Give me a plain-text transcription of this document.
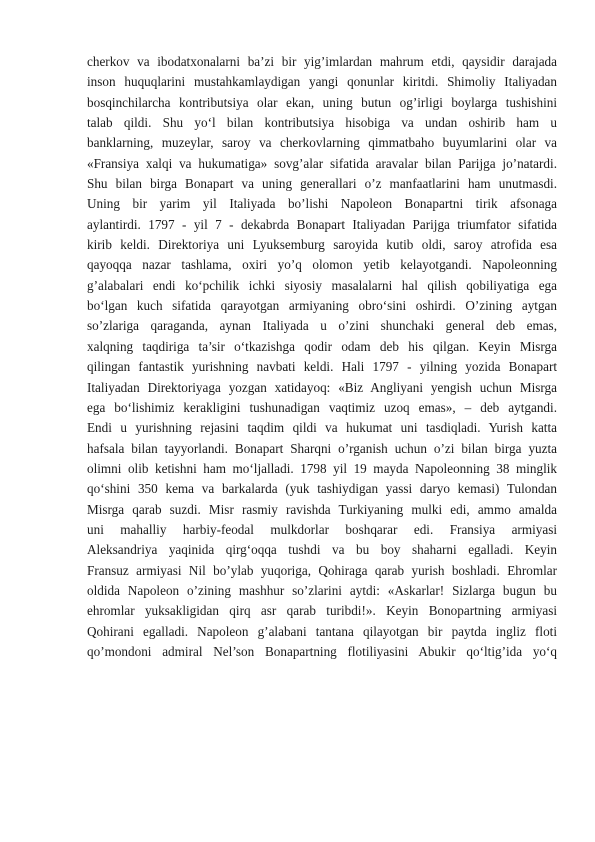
cherkov va ibodatxonalarni ba’zi bir yig’imlardan mahrum etdi, qaysidir darajada
inson huquqlarini mustahkamlaydigan yangi qonunlar kiritdi. Shimoliy Italiyadan
bosqinchilarcha kontributsiya olar ekan, uning butun og’irligi boylarga tushishini
talab qildi. Shu yo‘l bilan kontributsiya hisobiga va undan oshirib ham u
banklarning, muzeylar, saroy va cherkovlarning qimmatbaho buyumlarini olar va
«Fransiya xalqi va hukumatiga» sovg’alar sifatida aravalar bilan Parijga jo’natardi.
Shu bilan birga Bonapart va uning generallari o’z manfaatlarini ham unutmasdi.
Uning bir yarim yil Italiyada bo’lishi Napoleon Bonapartni tirik afsonaga
aylantirdi. 1797 - yil 7 - dekabrda Bonapart Italiyadan Parijga triumfator sifatida
kirib keldi. Direktoriya uni Lyuksemburg saroyida kutib oldi, saroy atrofida esa
qayoqqa nazar tashlama, oxiri yo’q olomon yetib kelayotgandi. Napoleonning
g’alabalari endi ko‘pchilik ichki siyosiy masalalarni hal qilish qobiliyatiga ega
bo‘lgan kuch sifatida qarayotgan armiyaning obro‘sini oshirdi. O’zining aytgan
so’zlariga qaraganda, aynan Italiyada u o’zini shunchaki general deb emas,
xalqning taqdiriga ta’sir o‘tkazishga qodir odam deb his qilgan. Keyin Misrga
qilingan fantastik yurishning navbati keldi. Hali 1797 - yilning yozida Bonapart
Italiyadan Direktoriyaga yozgan xatidayoq: «Biz Angliyani yengish uchun Misrga
ega bo‘lishimiz kerakligini tushunadigan vaqtimiz uzoq emas», – deb aytgandi.
Endi u yurishning rejasini taqdim qildi va hukumat uni tasdiqladi. Yurish katta
hafsala bilan tayyorlandi. Bonapart Sharqni o’rganish uchun o’zi bilan birga yuzta
olimni olib ketishni ham mo‘ljalladi. 1798 yil 19 mayda Napoleonning 38 minglik
qo‘shini 350 kema va barkalarda (yuk tashiydigan yassi daryo kemasi) Tulondan
Misrga qarab suzdi. Misr rasmiy ravishda Turkiyaning mulki edi, ammo amalda
uni mahalliy harbiy-feodal mulkdorlar boshqarar edi. Fransiya armiyasi
Aleksandriya yaqinida qirg‘oqqa tushdi va bu boy shaharni egalladi. Keyin
Fransuz armiyasi Nil bo’ylab yuqoriga, Qohiraga qarab yurish boshladi. Ehromlar
oldida Napoleon o’zining mashhur so’zlarini aytdi: «Askarlar! Sizlarga bugun bu
ehromlar yuksakligidan qirq asr qarab turibdi!». Keyin Bonopartning armiyasi
Qohirani egalladi. Napoleon g’alabani tantana qilayotgan bir paytda ingliz floti
qo’mondoni admiral Nel’son Bonapartning flotiliyasini Abukir qo‘ltig’ida yo‘q
